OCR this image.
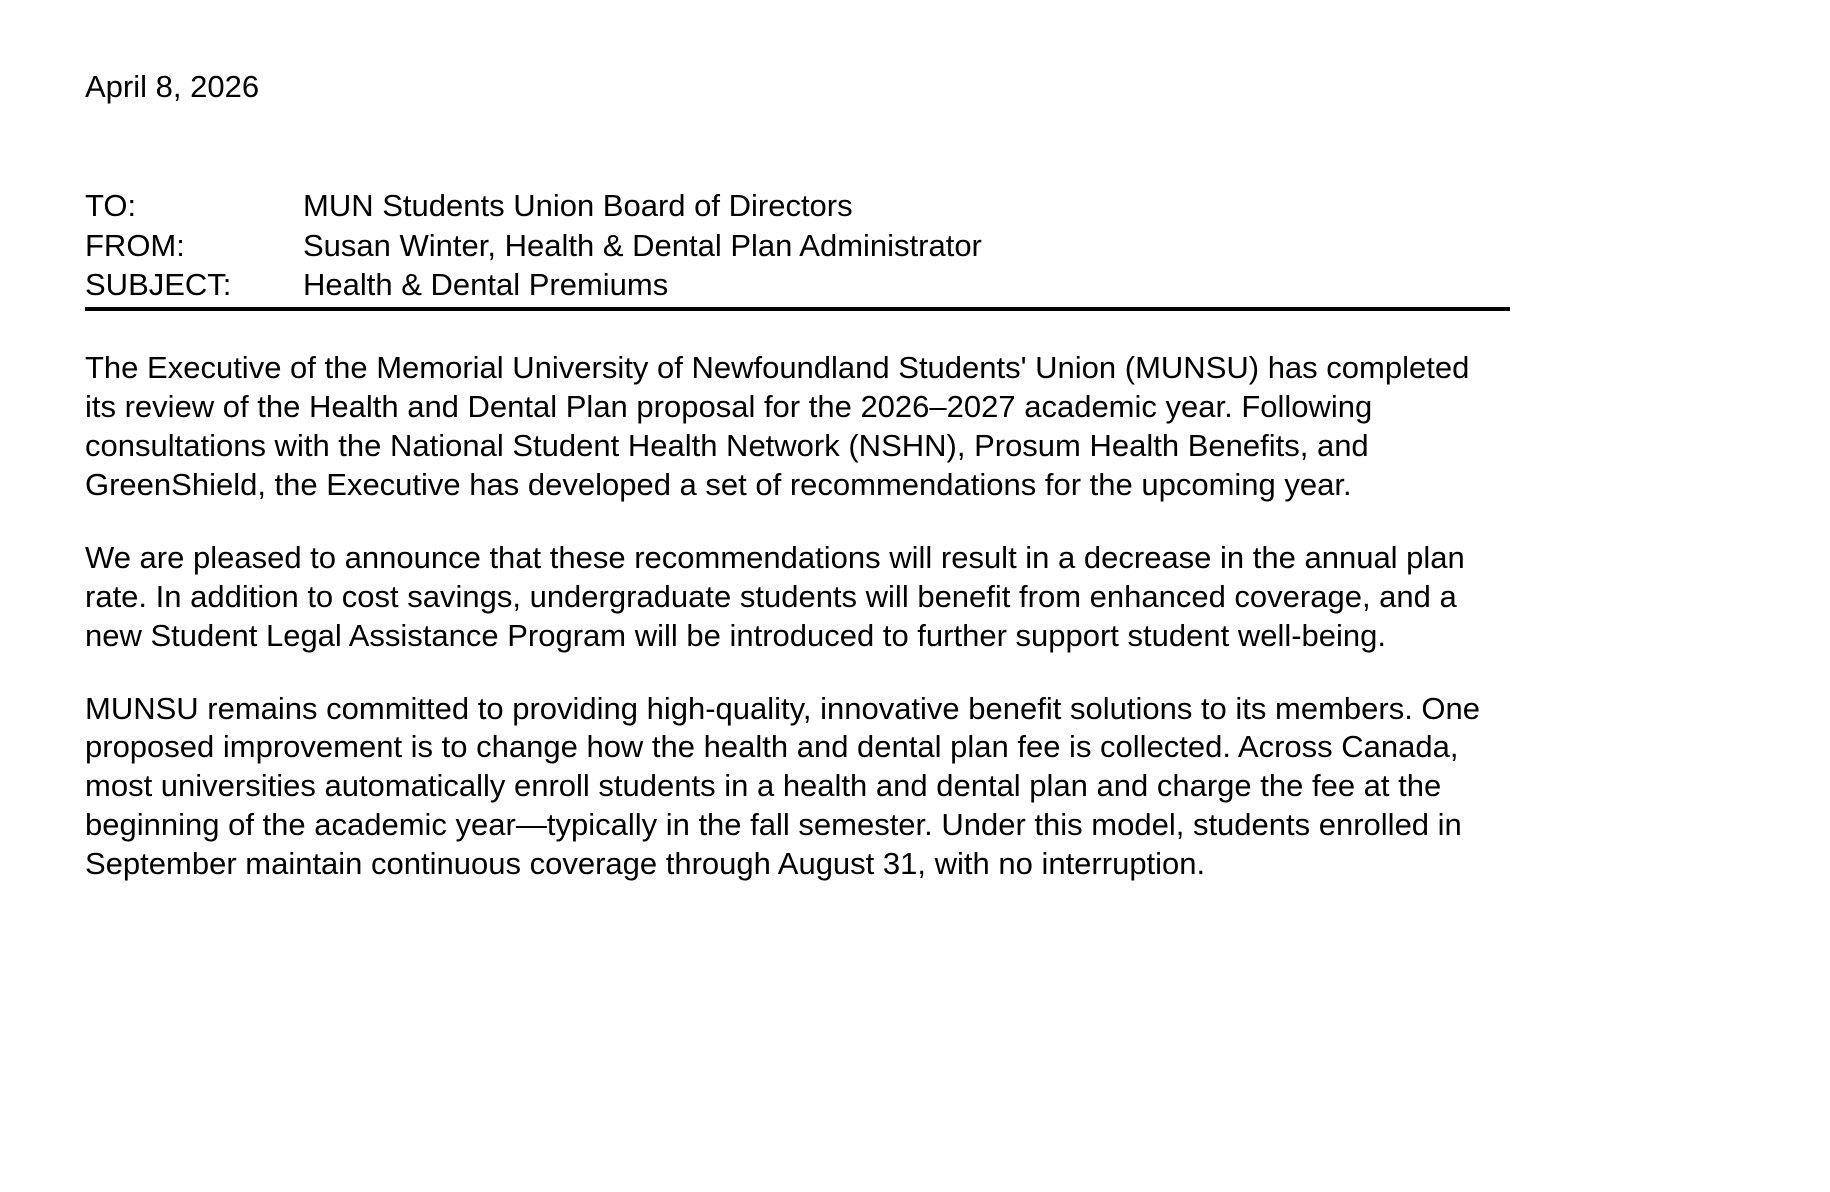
April 8, 2026
TO:	MUN Students Union Board of Directors
FROM:	Susan Winter, Health & Dental Plan Administrator
SUBJECT:	Health & Dental Premiums
The Executive of the Memorial University of Newfoundland Students' Union (MUNSU) has completed its review of the Health and Dental Plan proposal for the 2026–2027 academic year. Following consultations with the National Student Health Network (NSHN), Prosum Health Benefits, and GreenShield, the Executive has developed a set of recommendations for the upcoming year.
We are pleased to announce that these recommendations will result in a decrease in the annual plan rate. In addition to cost savings, undergraduate students will benefit from enhanced coverage, and a new Student Legal Assistance Program will be introduced to further support student well-being.
MUNSU remains committed to providing high-quality, innovative benefit solutions to its members. One proposed improvement is to change how the health and dental plan fee is collected. Across Canada, most universities automatically enroll students in a health and dental plan and charge the fee at the beginning of the academic year—typically in the fall semester. Under this model, students enrolled in September maintain continuous coverage through August 31, with no interruption.
